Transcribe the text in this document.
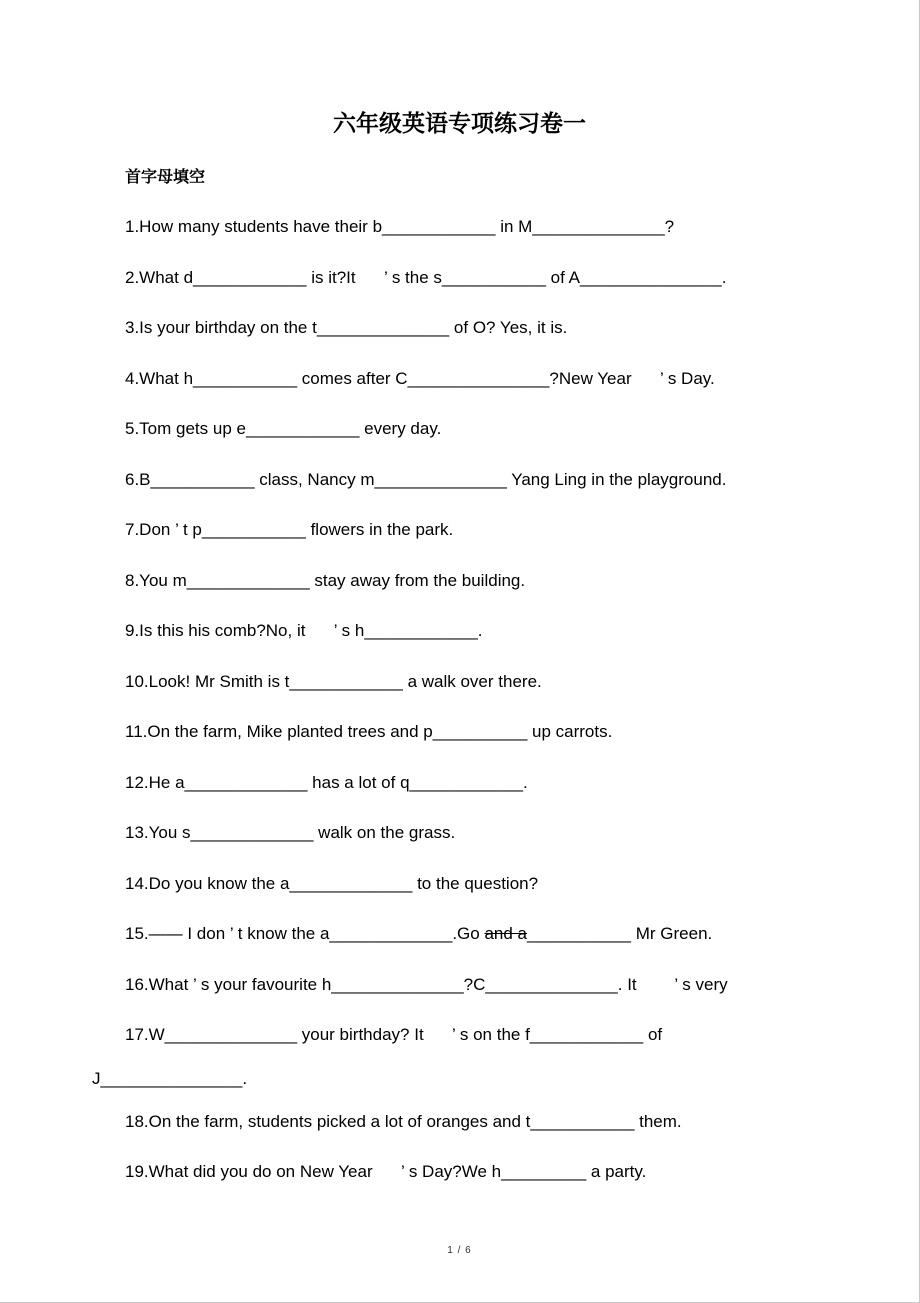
六年级英语专项练习卷一
首字母填空
1.How many students have their b____________ in M______________?
2.What d____________ is it?It      ’ s the s___________ of A_______________.
3.Is your birthday on the t______________ of O? Yes, it is.
4.What h___________ comes after C_______________?New Year      ’ s Day.
5.Tom gets up e____________ every day.
6.B___________ class, Nancy m______________ Yang Ling in the playground.
7.Don ’ t p___________ flowers in the park.
8.You m_____________ stay away from the building.
9.Is this his comb?No, it      ’ s h____________.
10.Look! Mr Smith is t____________ a walk over there.
11.On the farm, Mike planted trees and p__________ up carrots.
12.He a_____________ has a lot of q____________.
13.You s_____________ walk on the grass.
14.Do you know the a_____________ to the question?
15.—— I don ’ t know the a_____________.Go and a___________ Mr Green.
16.What ’ s your favourite h______________?C______________. It        ’ s very
17.W______________ your birthday? It      ’ s on the f____________ of
J_______________.
18.On the farm, students picked a lot of oranges and t___________ them.
19.What did you do on New Year      ’ s Day?We h_________ a party.
1 / 6
